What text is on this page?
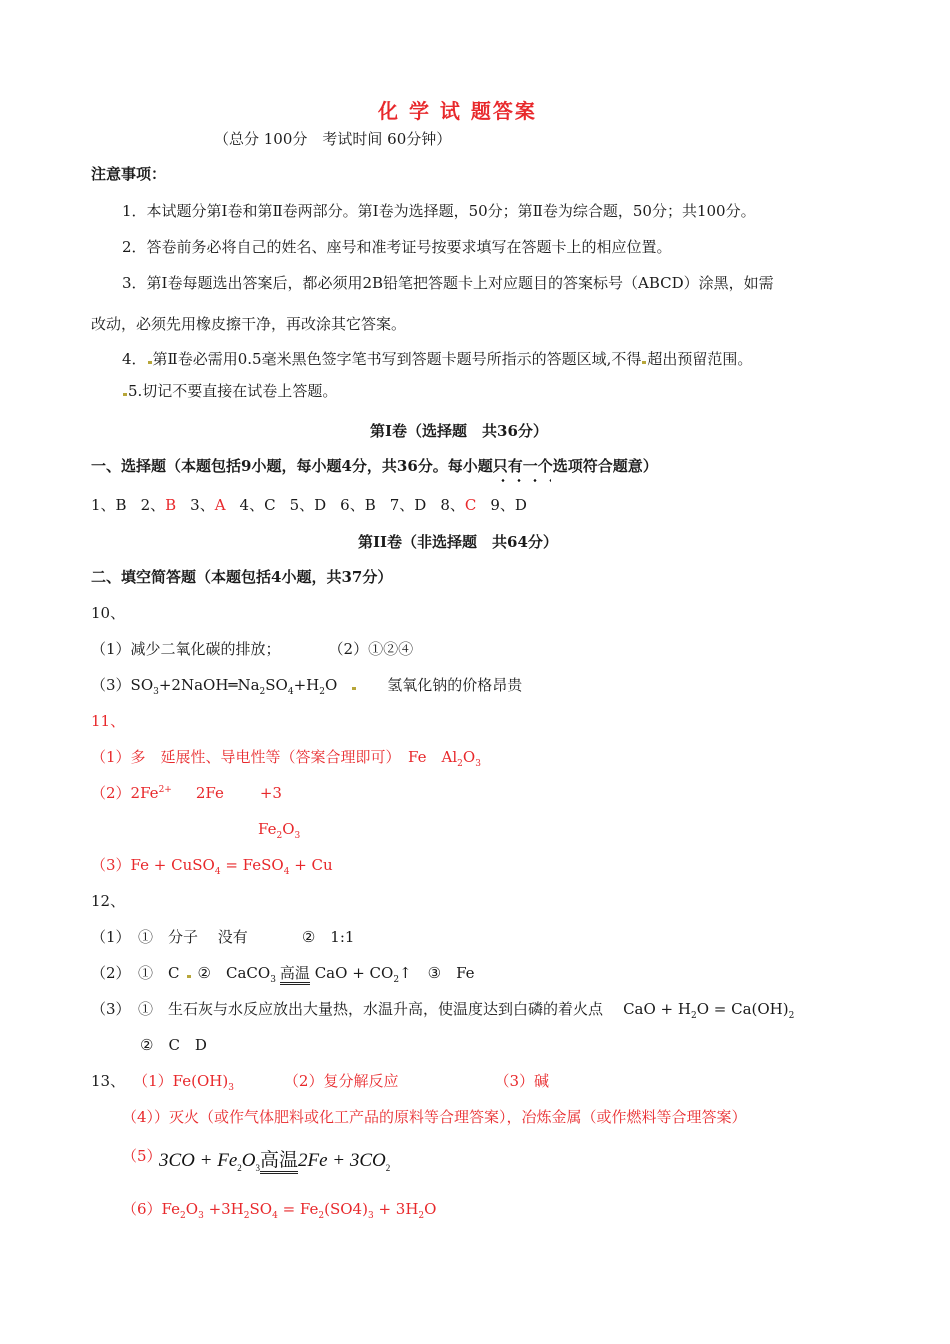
化 学 试 题答案
（总分 100分　考试时间 60分钟）
注意事项：
1．本试题分第Ⅰ卷和第Ⅱ卷两部分。第Ⅰ卷为选择题，50分；第Ⅱ卷为综合题，50分；共100分。
2．答卷前务必将自己的姓名、座号和准考证号按要求填写在答题卡上的相应位置。
3．第Ⅰ卷每题选出答案后，都必须用2B铅笔把答题卡上对应题目的答案标号（ABCD）涂黑，如需
改动，必须先用橡皮擦干净，再改涂其它答案。
4． 第Ⅱ卷必需用0.5毫米黑色签字笔书写到答题卡题号所指示的答题区域,不得 超出预留范围。
5.切记不要直接在试卷上答题。
第Ⅰ卷（选择题　共36分）
一、选择题（本题包括9小题，每小题4分，共36分。每小题只有一个选项符合题意）
1、B 2、B 3、A 4、C 5、D 6、B 7、D 8、C 9、D
第II卷（非选择题　共64分）
二、填空简答题（本题包括4小题，共37分）
10、
（1）减少二氧化碳的排放；	（2）①②④
$(3)SO_3+2NaOH═Na_2SO_4+H_2O$	氢氧化钠的价格昂贵
11、
（1）多　延展性、导电性等（答案合理即可）　Fe　$Al_2O_3$
$(2)2Fe^{2+}$ 2Fe +3
$Fe_2O_3$
（3）Fe + CuSO$_4$ = FeSO$_4$ + Cu
12、
（1）　①　分子　 没有	②　1:1
（2）　①　C ②　CaCO$_3$ 高温 CaO + $CO_2↑$ ③　Fe
（3）　①　生石灰与水反应放出大量热，水温升高，使温度达到白磷的着火点 CaO + $H_2O = Ca(OH)_2$
②　C　D
13、 $(1)Fe(OH)_3$	（2）复分解反应	（3）碱
（4））灭火（或作气体肥料或化工产品的原料等合理答案），冶炼金属（或作燃料等合理答案）
（5）
$3CO + Fe_2O_3$高温$2Fe + 3CO_2$
$(6)Fe_2O_3 +3H_2SO_4 = Fe_2(SO4)_3 + 3H_2O$
